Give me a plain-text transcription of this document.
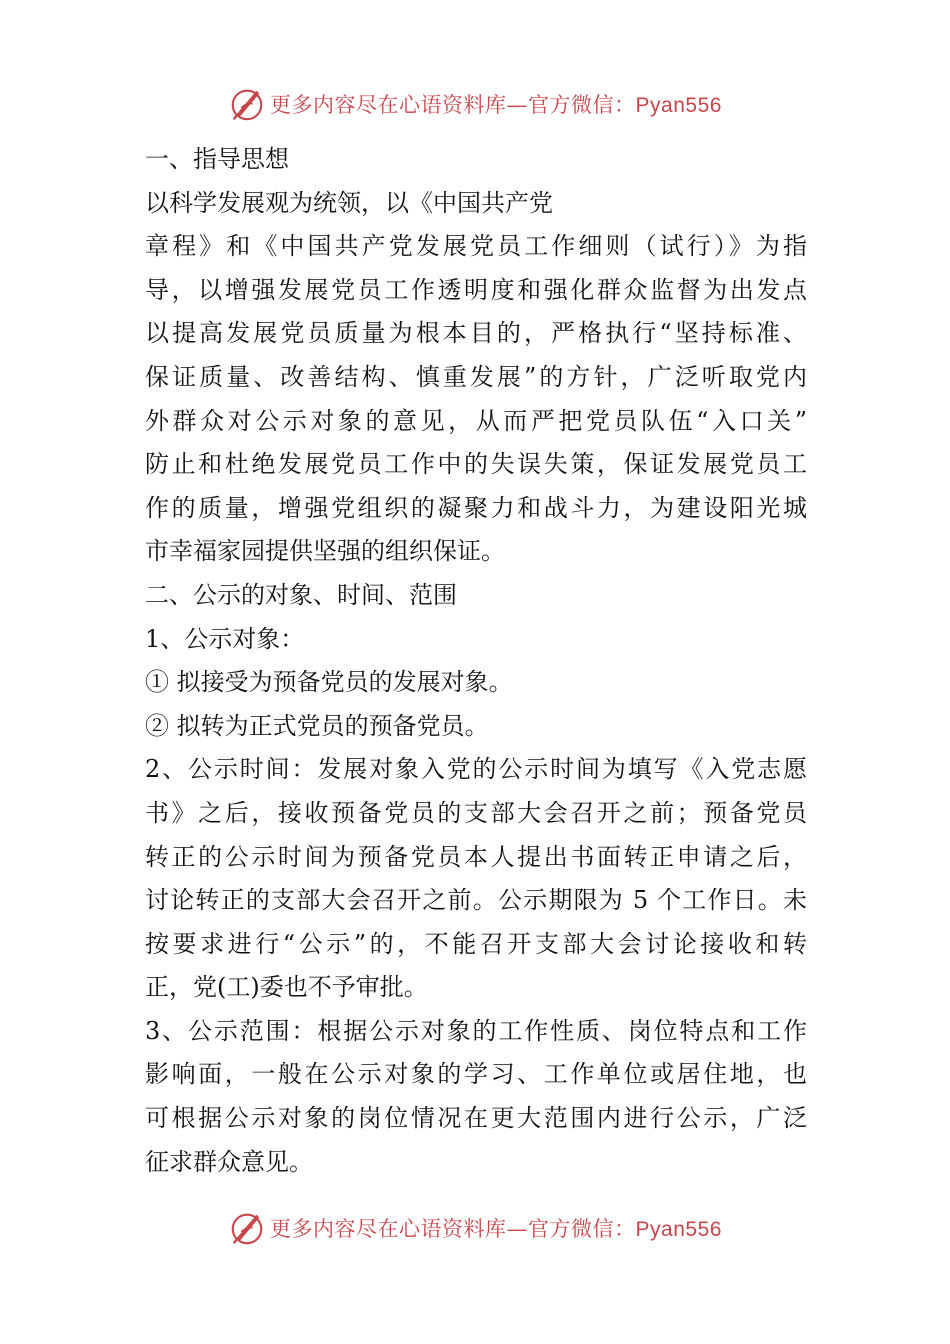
更多内容尽在心语资料库—官方微信：Pyan556
一、指导思想
以科学发展观为统领，以《中国共产党
章程》和《中国共产党发展党员工作细则（试行）》为指
导，以增强发展党员工作透明度和强化群众监督为出发点
以提高发展党员质量为根本目的，严格执行“坚持标准、
保证质量、改善结构、慎重发展”的方针，广泛听取党内
外群众对公示对象的意见，从而严把党员队伍“入口关”
防止和杜绝发展党员工作中的失误失策，保证发展党员工
作的质量，增强党组织的凝聚力和战斗力，为建设阳光城
市幸福家园提供坚强的组织保证。
二、公示的对象、时间、范围
1、公示对象：
① 拟接受为预备党员的发展对象。
② 拟转为正式党员的预备党员。
2、公示时间：发展对象入党的公示时间为填写《入党志愿
书》之后，接收预备党员的支部大会召开之前；预备党员
转正的公示时间为预备党员本人提出书面转正申请之后，
讨论转正的支部大会召开之前。公示期限为 5 个工作日。未
按要求进行“公示”的，不能召开支部大会讨论接收和转
正，党(工)委也不予审批。
3、公示范围：根据公示对象的工作性质、岗位特点和工作
影响面，一般在公示对象的学习、工作单位或居住地，也
可根据公示对象的岗位情况在更大范围内进行公示，广泛
征求群众意见。
更多内容尽在心语资料库—官方微信：Pyan556
